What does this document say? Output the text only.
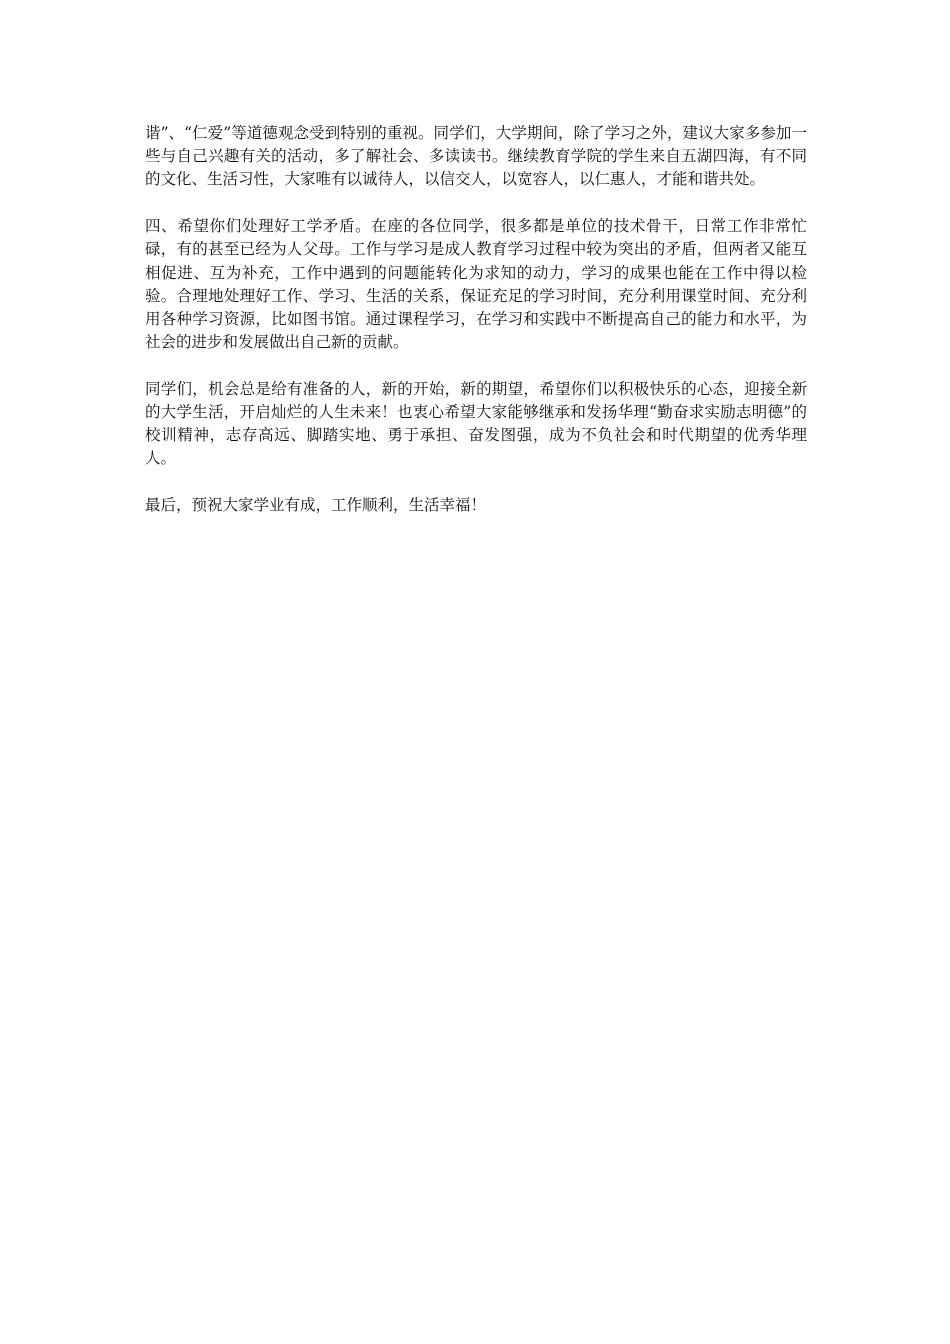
谐”、“仁爱”等道德观念受到特别的重视。同学们，大学期间，除了学习之外，建议大家多参加一些与自己兴趣有关的活动，多了解社会、多读读书。继续教育学院的学生来自五湖四海，有不同的文化、生活习性，大家唯有以诚待人，以信交人，以宽容人，以仁惠人，才能和谐共处。

四、希望你们处理好工学矛盾。在座的各位同学，很多都是单位的技术骨干，日常工作非常忙碌，有的甚至已经为人父母。工作与学习是成人教育学习过程中较为突出的矛盾，但两者又能互相促进、互为补充，工作中遇到的问题能转化为求知的动力，学习的成果也能在工作中得以检验。合理地处理好工作、学习、生活的关系，保证充足的学习时间，充分利用课堂时间、充分利用各种学习资源，比如图书馆。通过课程学习，在学习和实践中不断提高自己的能力和水平，为社会的进步和发展做出自己新的贡献。

同学们，机会总是给有准备的人，新的开始，新的期望，希望你们以积极快乐的心态，迎接全新的大学生活，开启灿烂的人生未来！也衷心希望大家能够继承和发扬华理“勤奋求实励志明德”的校训精神，志存高远、脚踏实地、勇于承担、奋发图强，成为不负社会和时代期望的优秀华理人。

最后，预祝大家学业有成，工作顺利，生活幸福！
